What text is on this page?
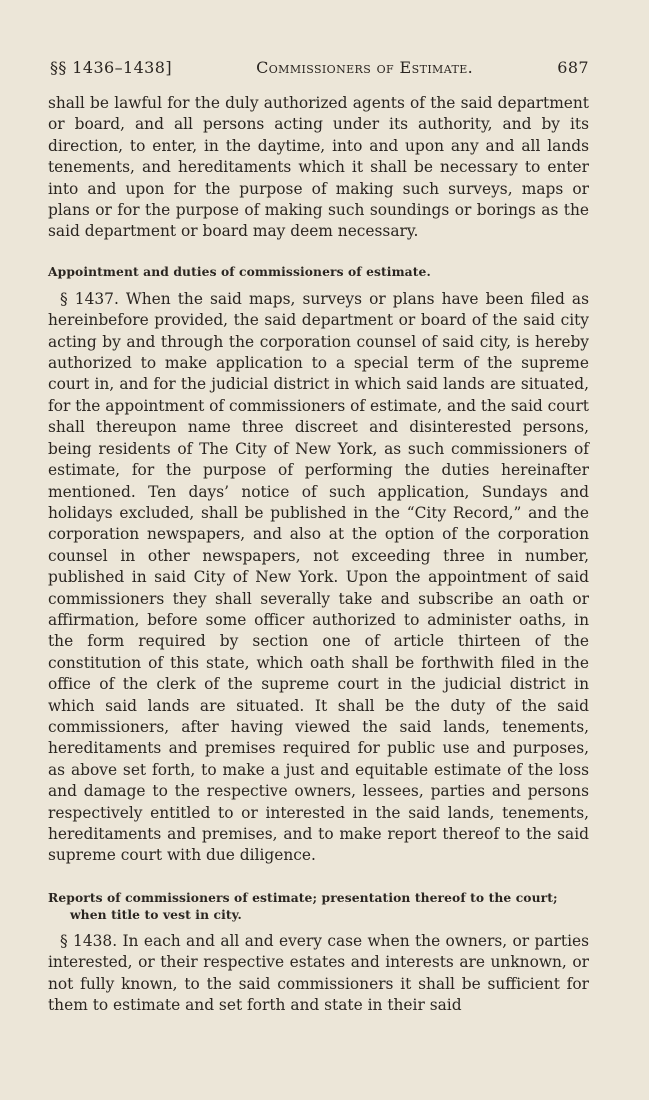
§§ 1436–1438]	Commissioners of Estimate.	687

shall be lawful for the duly authorized agents of the said department or board, and all persons acting under its authority, and by its direction, to enter, in the daytime, into and upon any and all lands tenements, and hereditaments which it shall be necessary to enter into and upon for the purpose of making such surveys, maps or plans or for the purpose of making such soundings or borings as the said department or board may deem necessary.

Appointment and duties of commissioners of estimate.

§ 1437. When the said maps, surveys or plans have been filed as hereinbefore provided, the said department or board of the said city acting by and through the corporation counsel of said city, is hereby authorized to make application to a special term of the supreme court in, and for the judicial district in which said lands are situated, for the appointment of commissioners of estimate, and the said court shall thereupon name three discreet and disinterested persons, being residents of The City of New York, as such commissioners of estimate, for the purpose of performing the duties hereinafter mentioned. Ten days’ notice of such application, Sundays and holidays excluded, shall be published in the “City Record,” and the corporation newspapers, and also at the option of the corporation counsel in other newspapers, not exceeding three in number, published in said City of New York. Upon the appointment of said commissioners they shall severally take and subscribe an oath or affirmation, before some officer authorized to administer oaths, in the form required by section one of article thirteen of the constitution of this state, which oath shall be forthwith filed in the office of the clerk of the supreme court in the judicial district in which said lands are situated. It shall be the duty of the said commissioners, after having viewed the said lands, tenements, hereditaments and premises required for public use and purposes, as above set forth, to make a just and equitable estimate of the loss and damage to the respective owners, lessees, parties and persons respectively entitled to or interested in the said lands, tenements, hereditaments and premises, and to make report thereof to the said supreme court with due diligence.

Reports of commissioners of estimate; presentation thereof to the court; when title to vest in city.

§ 1438. In each and all and every case when the owners, or parties interested, or their respective estates and interests are unknown, or not fully known, to the said commissioners it shall be sufficient for them to estimate and set forth and state in their said
